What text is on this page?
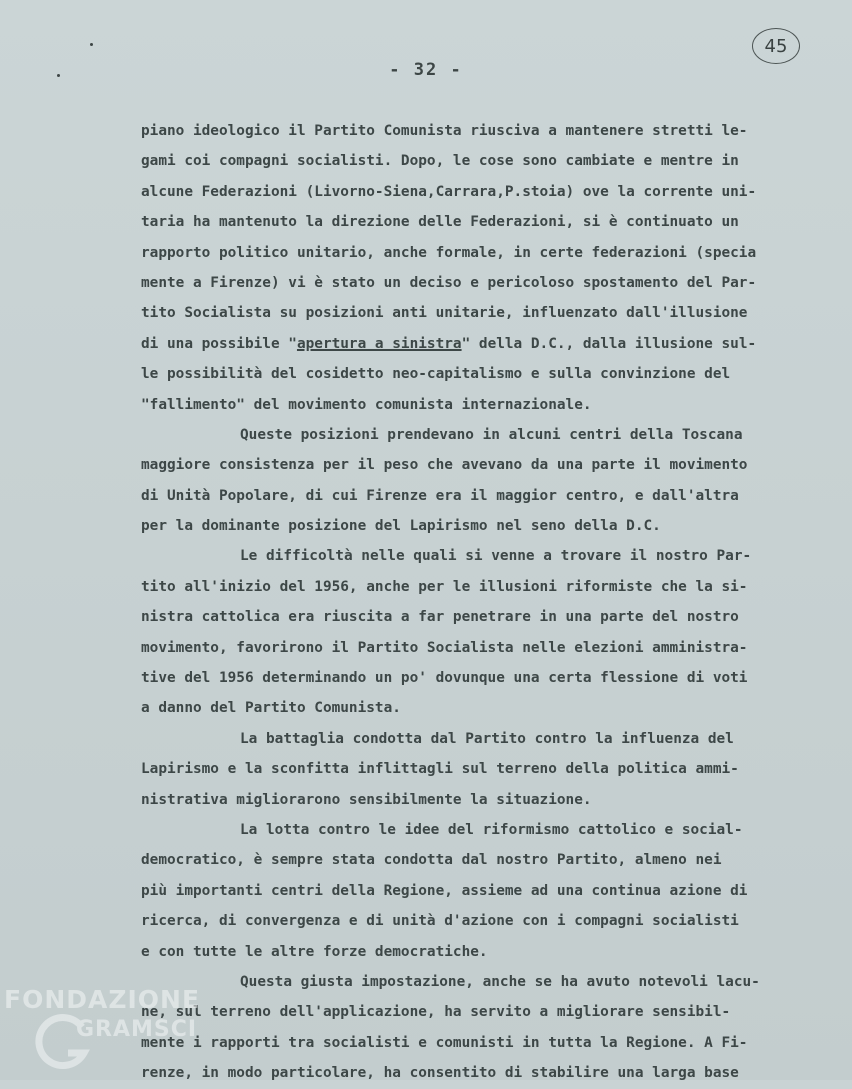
45
- 32 -
piano ideologico il Partito Comunista riusciva a mantenere stretti le-
gami coi compagni socialisti. Dopo, le cose sono cambiate e mentre in
alcune Federazioni (Livorno-Siena,Carrara,P.stoia) ove la corrente uni-
taria ha mantenuto la direzione delle Federazioni, si è continuato un
rapporto politico unitario, anche formale, in certe federazioni (specia
mente a Firenze) vi è stato un deciso e pericoloso spostamento del Par-
tito Socialista su posizioni anti unitarie, influenzato dall'illusione
di una possibile "apertura a sinistra" della D.C., dalla illusione sul-
le possibilità del cosidetto neo-capitalismo e sulla convinzione del
"fallimento" del movimento comunista internazionale.
Queste posizioni prendevano in alcuni centri della Toscana
maggiore consistenza per il peso che avevano da una parte il movimento
di Unità Popolare, di cui Firenze era il maggior centro, e dall'altra
per la dominante posizione del Lapirismo nel seno della D.C.
Le difficoltà nelle quali si venne a trovare il nostro Par-
tito all'inizio del 1956, anche per le illusioni riformiste che la si-
nistra cattolica era riuscita a far penetrare in una parte del nostro
movimento, favorirono il Partito Socialista nelle elezioni amministra-
tive del 1956 determinando un po' dovunque una certa flessione di voti
a danno del Partito Comunista.
La battaglia condotta dal Partito contro la influenza del
Lapirismo e la sconfitta inflittagli sul terreno della politica ammi-
nistrativa migliorarono sensibilmente la situazione.
La lotta contro le idee del riformismo cattolico e social-
democratico, è sempre stata condotta dal nostro Partito, almeno nei
più importanti centri della Regione, assieme ad una continua azione di
ricerca, di convergenza e di unità d'azione con i compagni socialisti
e con tutte le altre forze democratiche.
Questa giusta impostazione, anche se ha avuto notevoli lacu-
ne, sul terreno dell'applicazione, ha servito a migliorare sensibil-
mente i rapporti tra socialisti e comunisti in tutta la Regione. A Fi-
renze, in modo particolare, ha consentito di stabilire una larga base
FONDAZIONE
GRAMSCI
